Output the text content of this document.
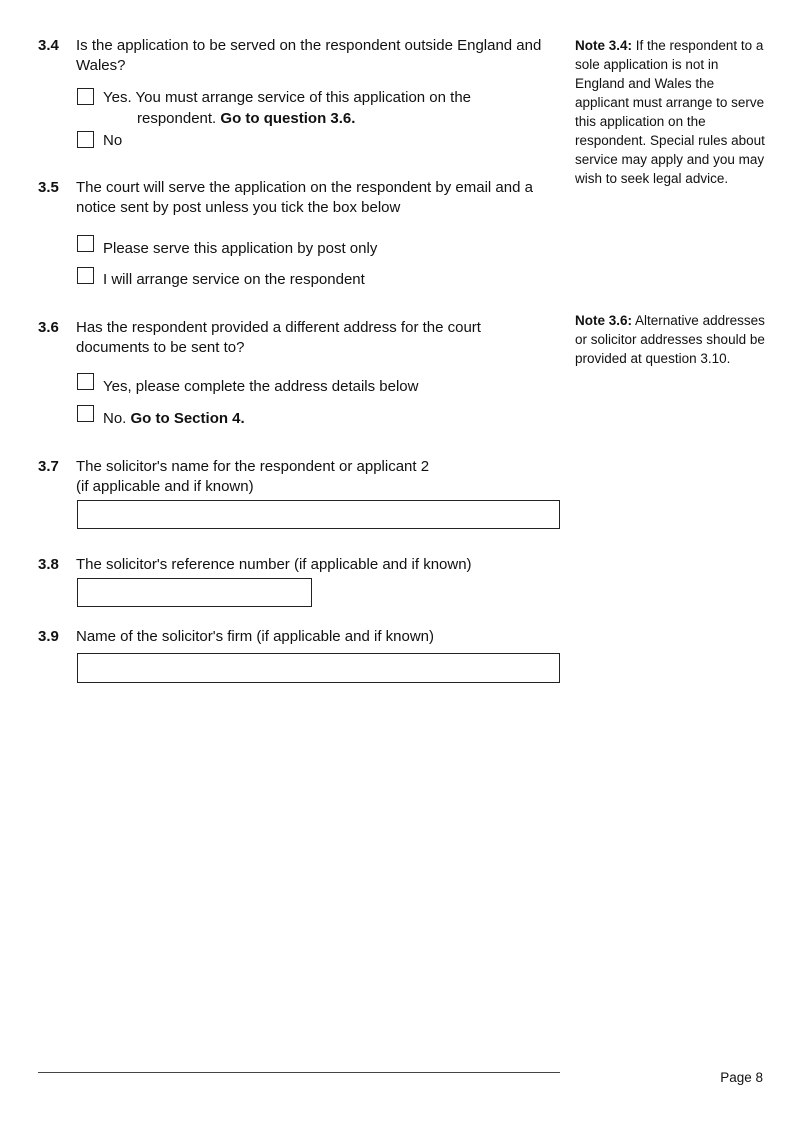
3.4 Is the application to be served on the respondent outside England and Wales?
Yes. You must arrange service of this application on the
respondent. Go to question 3.6.
No
3.5 The court will serve the application on the respondent by email and a notice sent by post unless you tick the box below
Please serve this application by post only
I will arrange service on the respondent
3.6 Has the respondent provided a different address for the court documents to be sent to?
Yes, please complete the address details below
No. Go to Section 4.
3.7 The solicitor's name for the respondent or applicant 2
(if applicable and if known)
3.8 The solicitor's reference number (if applicable and if known)
3.9 Name of the solicitor's firm (if applicable and if known)
Note 3.4: If the respondent to a sole application is not in England and Wales the applicant must arrange to serve this application on the respondent. Special rules about service may apply and you may wish to seek legal advice.
Note 3.6: Alternative addresses or solicitor addresses should be provided at question 3.10.
Page 8
